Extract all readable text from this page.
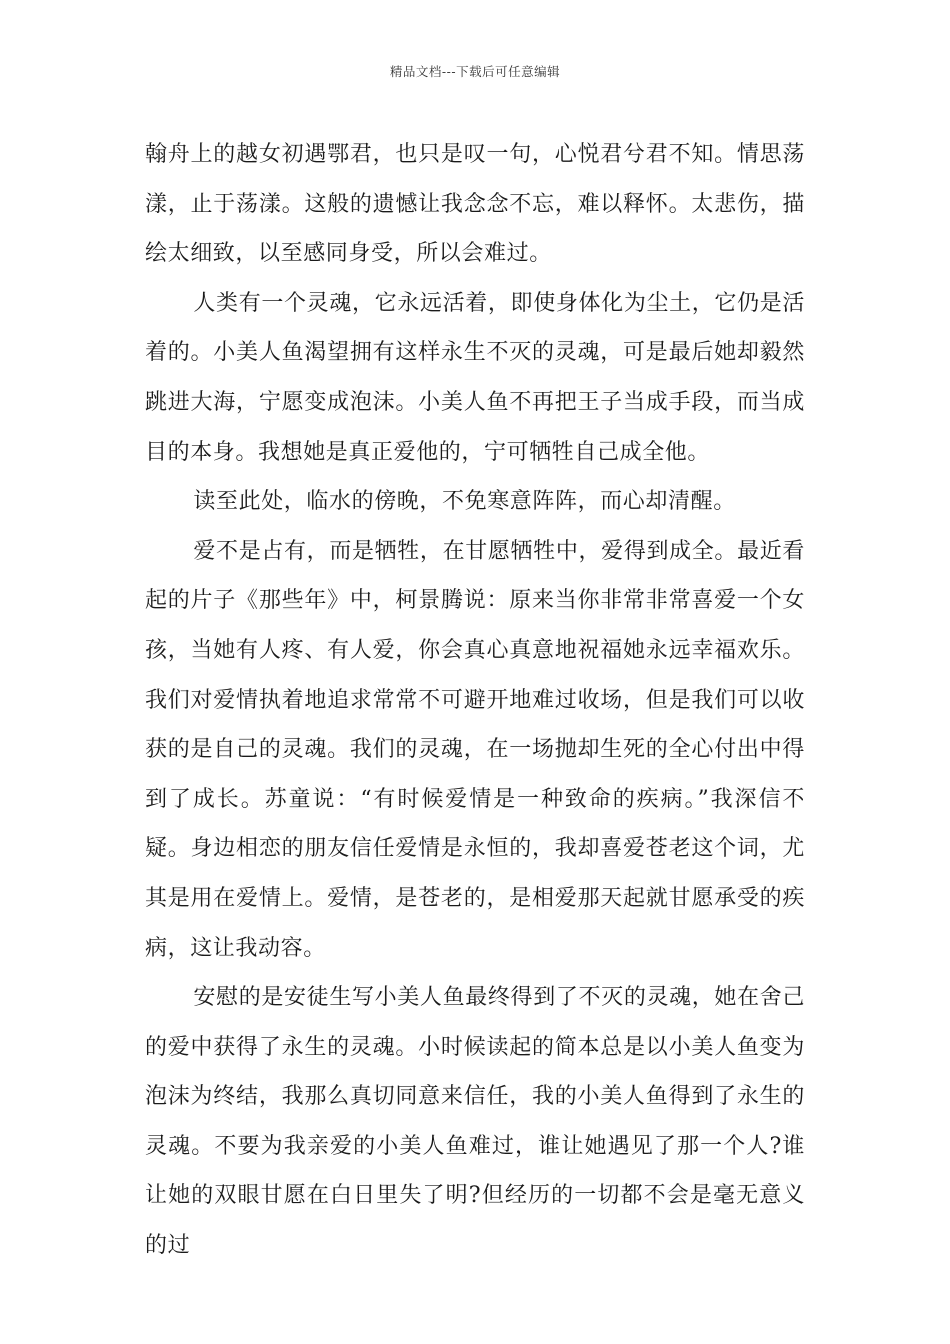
精品文档---下载后可任意编辑

翰舟上的越女初遇鄂君，也只是叹一句，心悦君兮君不知。情思荡漾，止于荡漾。这般的遗憾让我念念不忘，难以释怀。太悲伤，描绘太细致，以至感同身受，所以会难过。

人类有一个灵魂，它永远活着，即使身体化为尘土，它仍是活着的。小美人鱼渴望拥有这样永生不灭的灵魂，可是最后她却毅然跳进大海，宁愿变成泡沫。小美人鱼不再把王子当成手段，而当成目的本身。我想她是真正爱他的，宁可牺牲自己成全他。

读至此处，临水的傍晚，不免寒意阵阵，而心却清醒。

爱不是占有，而是牺牲，在甘愿牺牲中，爱得到成全。最近看起的片子《那些年》中，柯景腾说：原来当你非常非常喜爱一个女孩，当她有人疼、有人爱，你会真心真意地祝福她永远幸福欢乐。我们对爱情执着地追求常常不可避开地难过收场，但是我们可以收获的是自己的灵魂。我们的灵魂，在一场抛却生死的全心付出中得到了成长。苏童说：“有时候爱情是一种致命的疾病。”我深信不疑。身边相恋的朋友信任爱情是永恒的，我却喜爱苍老这个词，尤其是用在爱情上。爱情，是苍老的，是相爱那天起就甘愿承受的疾病，这让我动容。

安慰的是安徒生写小美人鱼最终得到了不灭的灵魂，她在舍己的爱中获得了永生的灵魂。小时候读起的简本总是以小美人鱼变为泡沫为终结，我那么真切同意来信任，我的小美人鱼得到了永生的灵魂。不要为我亲爱的小美人鱼难过，谁让她遇见了那一个人?谁让她的双眼甘愿在白日里失了明?但经历的一切都不会是毫无意义的过
